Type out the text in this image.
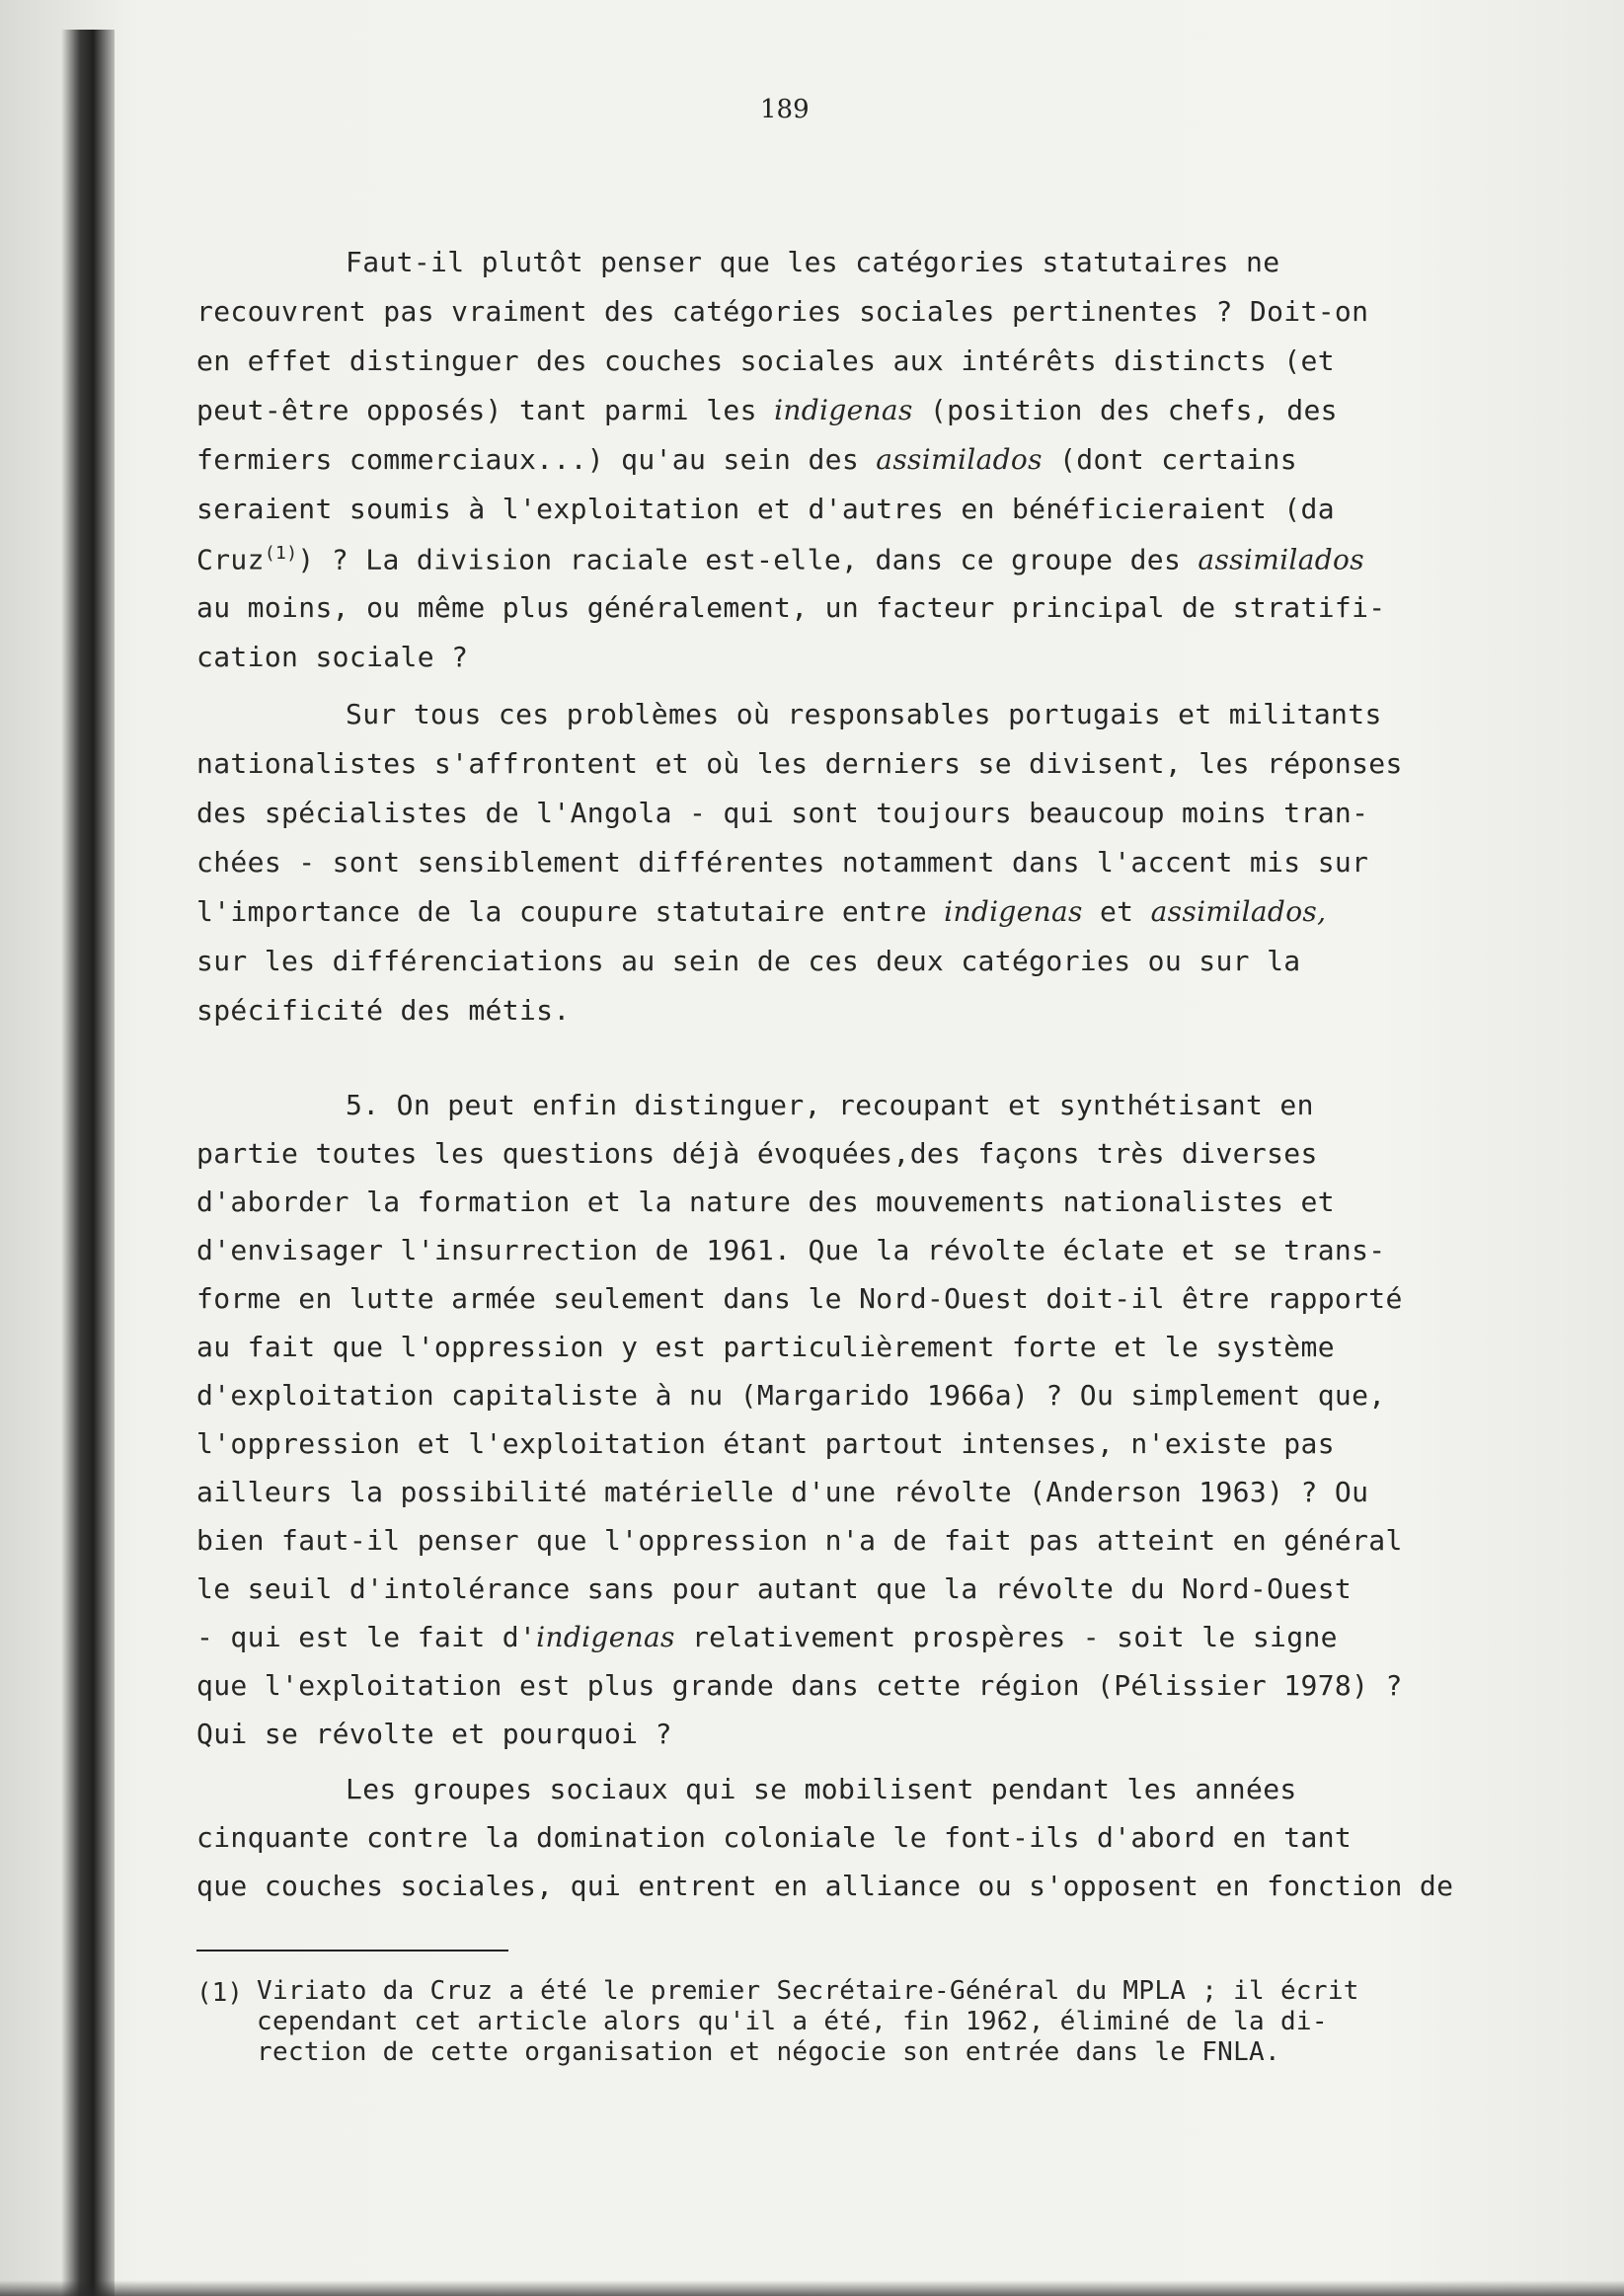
189
Faut-il plutôt penser que les catégories statutaires ne
recouvrent pas vraiment des catégories sociales pertinentes ? Doit-on
en effet distinguer des couches sociales aux intérêts distincts (et
peut-être opposés) tant parmi les indigenas (position des chefs, des
fermiers commerciaux...) qu'au sein des assimilados (dont certains
seraient soumis à l'exploitation et d'autres en bénéficieraient (da
Cruz$^{(1)}$) ? La division raciale est-elle, dans ce groupe des assimilados
au moins, ou même plus généralement, un facteur principal de stratifi-
cation sociale ?
Sur tous ces problèmes où responsables portugais et militants
nationalistes s'affrontent et où les derniers se divisent, les réponses
des spécialistes de l'Angola - qui sont toujours beaucoup moins tran-
chées - sont sensiblement différentes notamment dans l'accent mis sur
l'importance de la coupure statutaire entre indigenas et assimilados,
sur les différenciations au sein de ces deux catégories ou sur la
spécificité des métis.
5. On peut enfin distinguer, recoupant et synthétisant en
partie toutes les questions déjà évoquées,des façons très diverses
d'aborder la formation et la nature des mouvements nationalistes et
d'envisager l'insurrection de 1961. Que la révolte éclate et se trans-
forme en lutte armée seulement dans le Nord-Ouest doit-il être rapporté
au fait que l'oppression y est particulièrement forte et le système
d'exploitation capitaliste à nu (Margarido 1966a) ? Ou simplement que,
l'oppression et l'exploitation étant partout intenses, n'existe pas
ailleurs la possibilité matérielle d'une révolte (Anderson 1963) ? Ou
bien faut-il penser que l'oppression n'a de fait pas atteint en général
le seuil d'intolérance sans pour autant que la révolte du Nord-Ouest
- qui est le fait d'indigenas relativement prospères - soit le signe
que l'exploitation est plus grande dans cette région (Pélissier 1978) ?
Qui se révolte et pourquoi ?
Les groupes sociaux qui se mobilisent pendant les années
cinquante contre la domination coloniale le font-ils d'abord en tant
que couches sociales, qui entrent en alliance ou s'opposent en fonction de
(1) Viriato da Cruz a été le premier Secrétaire-Général du MPLA ; il écrit
cependant cet article alors qu'il a été, fin 1962, éliminé de la di-
rection de cette organisation et négocie son entrée dans le FNLA.
